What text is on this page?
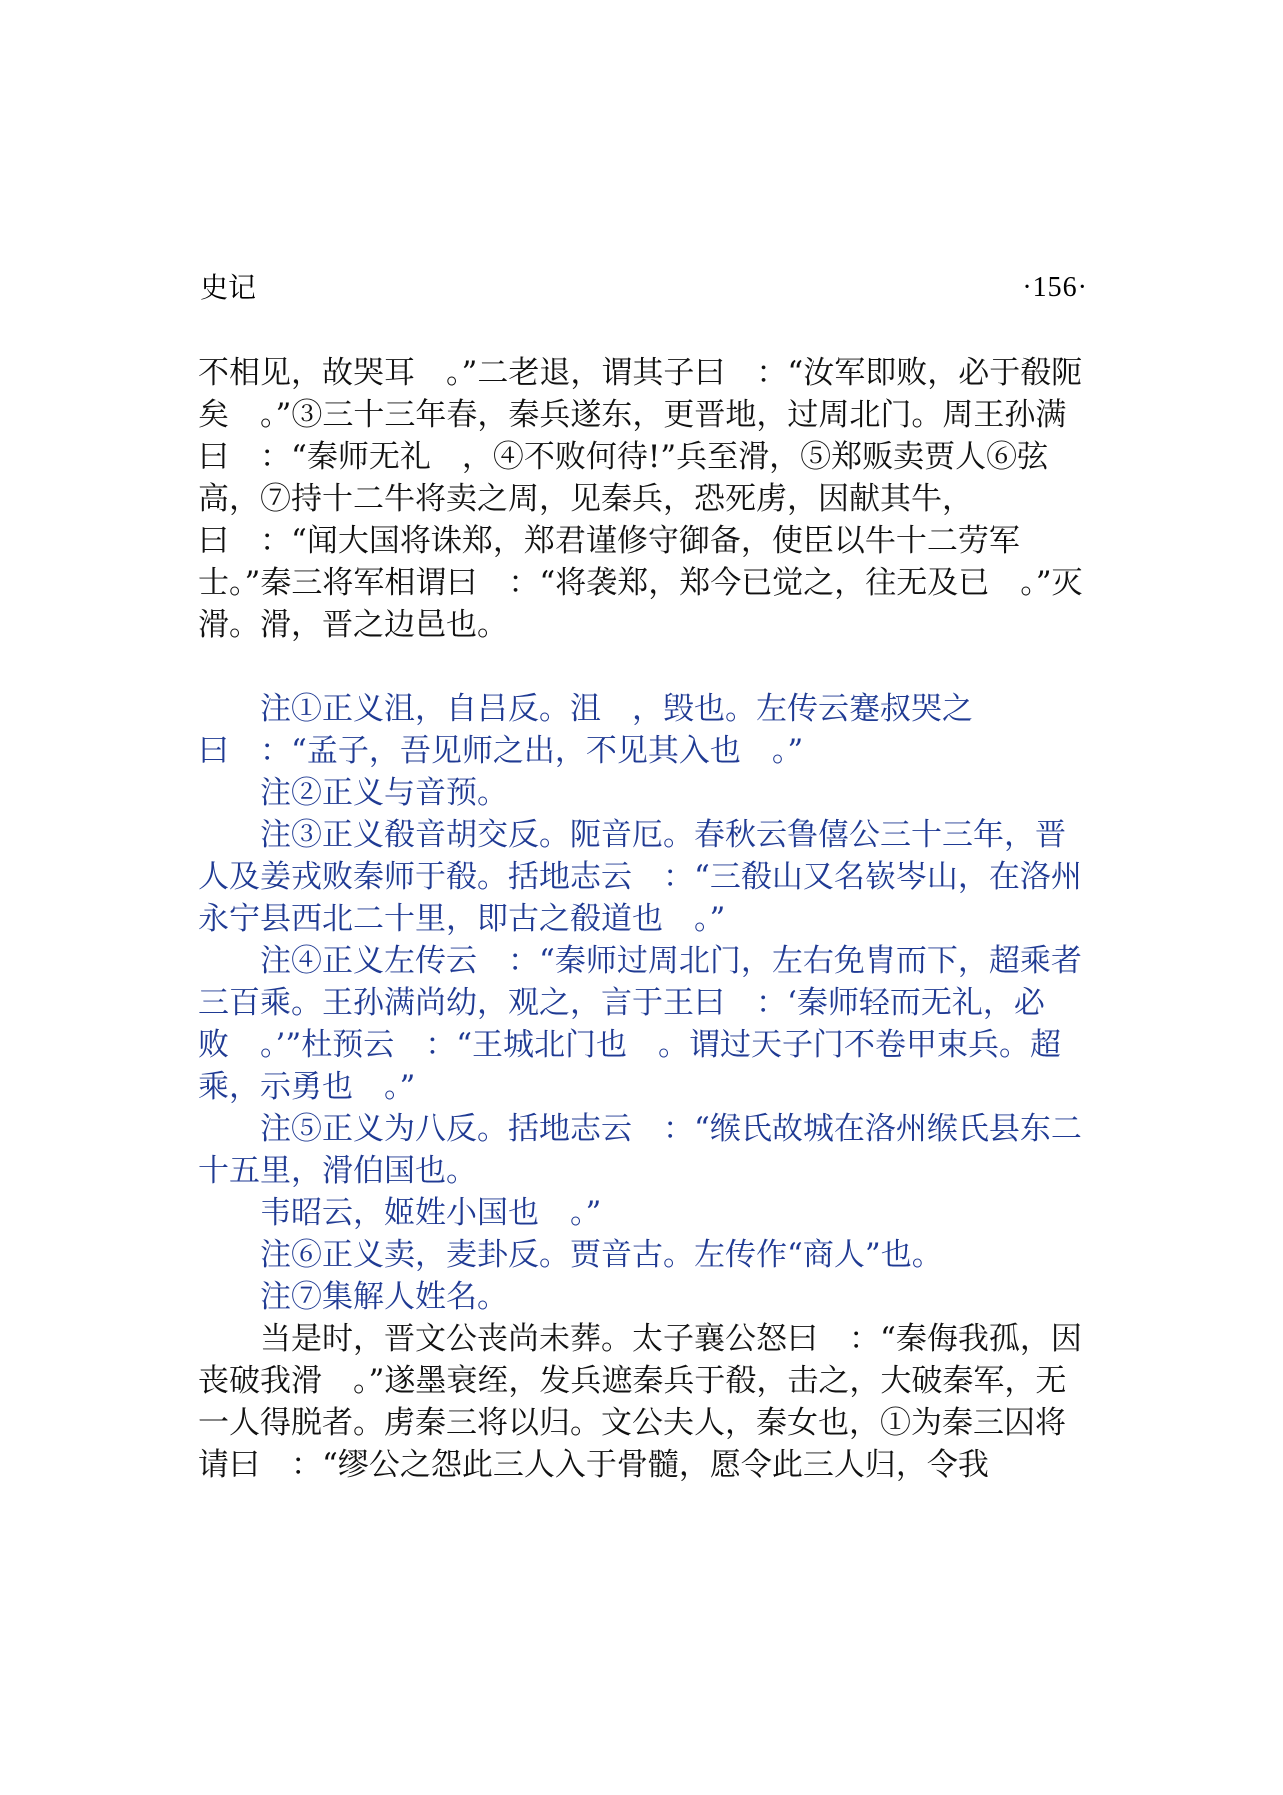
史记	·156·

不相见，故哭耳　。”二老退，谓其子曰　：“汝军即败，必于殽阨矣　。”③三十三年春，秦兵遂东，更晋地，过周北门。周王孙满曰　：“秦师无礼　，④不败何待!”兵至滑，⑤郑贩卖贾人⑥弦高，⑦持十二牛将卖之周，见秦兵，恐死虏，因献其牛，曰　：“闻大国将诛郑，郑君谨修守御备，使臣以牛十二劳军士。”秦三将军相谓曰　：“将袭郑，郑今已觉之，往无及已　。”灭滑。滑，晋之边邑也。

注①正义沮，自吕反。沮　，毁也。左传云蹇叔哭之曰　：“孟子，吾见师之出，不见其入也　。”

注②正义与音预。

注③正义殽音胡交反。阨音厄。春秋云鲁僖公三十三年，晋人及姜戎败秦师于殽。括地志云　：“三殽山又名嵚岑山，在洛州永宁县西北二十里，即古之殽道也　。”

注④正义左传云　：“秦师过周北门，左右免胄而下，超乘者三百乘。王孙满尚幼，观之，言于王曰　：‘秦师轻而无礼，必败　。’”杜预云　：“王城北门也　。谓过天子门不卷甲束兵。超乘，示勇也　。”

注⑤正义为八反。括地志云　：“缑氏故城在洛州缑氏县东二十五里，滑伯国也。

韦昭云，姬姓小国也　。”

注⑥正义卖，麦卦反。贾音古。左传作“商人”也。

注⑦集解人姓名。

当是时，晋文公丧尚未葬。太子襄公怒曰　：“秦侮我孤，因丧破我滑　。”遂墨衰绖，发兵遮秦兵于殽，击之，大破秦军，无一人得脱者。虏秦三将以归。文公夫人，秦女也，①为秦三囚将请曰　：“缪公之怨此三人入于骨髓，愿令此三人归，令我
